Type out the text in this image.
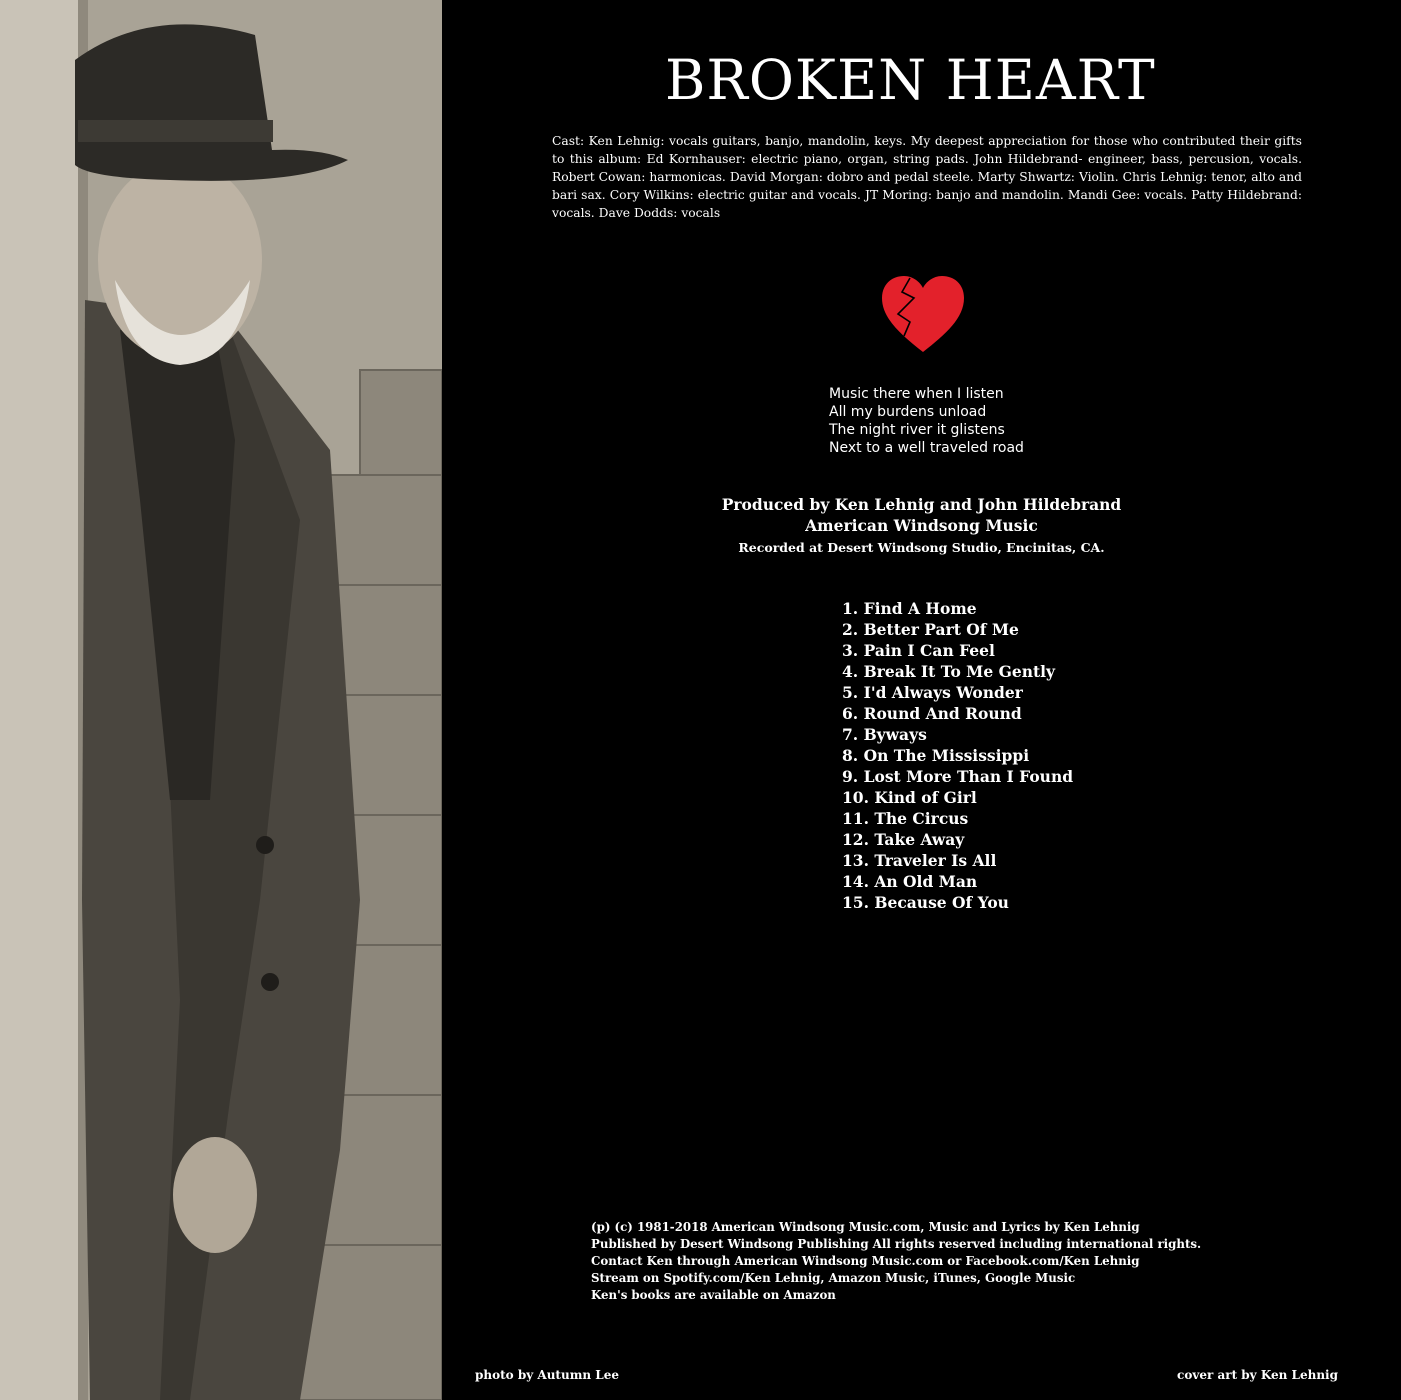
BROKEN HEART

Cast: Ken Lehnig: vocals guitars, banjo, mandolin, keys. My deepest appreciation for those who contributed their gifts to this album: Ed Kornhauser: electric piano, organ, string pads. John Hildebrand- engineer, bass, percusion, vocals. Robert Cowan: harmonicas. David Morgan: dobro and pedal steele. Marty Shwartz: Violin. Chris Lehnig: tenor, alto and bari sax. Cory Wilkins: electric guitar and vocals. JT Moring: banjo and mandolin. Mandi Gee: vocals. Patty Hildebrand: vocals. Dave Dodds: vocals

Music there when I listen
All my burdens unload
The night river it glistens
Next to a well traveled road
Produced by Ken Lehnig and John Hildebrand
American Windsong Music
Recorded at Desert Windsong Studio, Encinitas, CA.
1. Find A Home
2. Better Part Of Me
3. Pain I Can Feel
4. Break It To Me Gently
5. I'd Always Wonder
6. Round And Round
7. Byways
8. On The Mississippi
9. Lost More Than I Found
10. Kind of Girl
11. The Circus
12. Take Away
13. Traveler Is All
14. An Old Man
15. Because Of You
(p) (c) 1981-2018 American Windsong Music.com, Music and Lyrics by Ken Lehnig
Published by Desert Windsong Publishing All rights reserved including international rights.
Contact Ken through American Windsong Music.com or Facebook.com/Ken Lehnig
Stream on Spotify.com/Ken Lehnig, Amazon Music, iTunes, Google Music
Ken's books are available on Amazon
photo by Autumn Lee	cover art by Ken Lehnig
